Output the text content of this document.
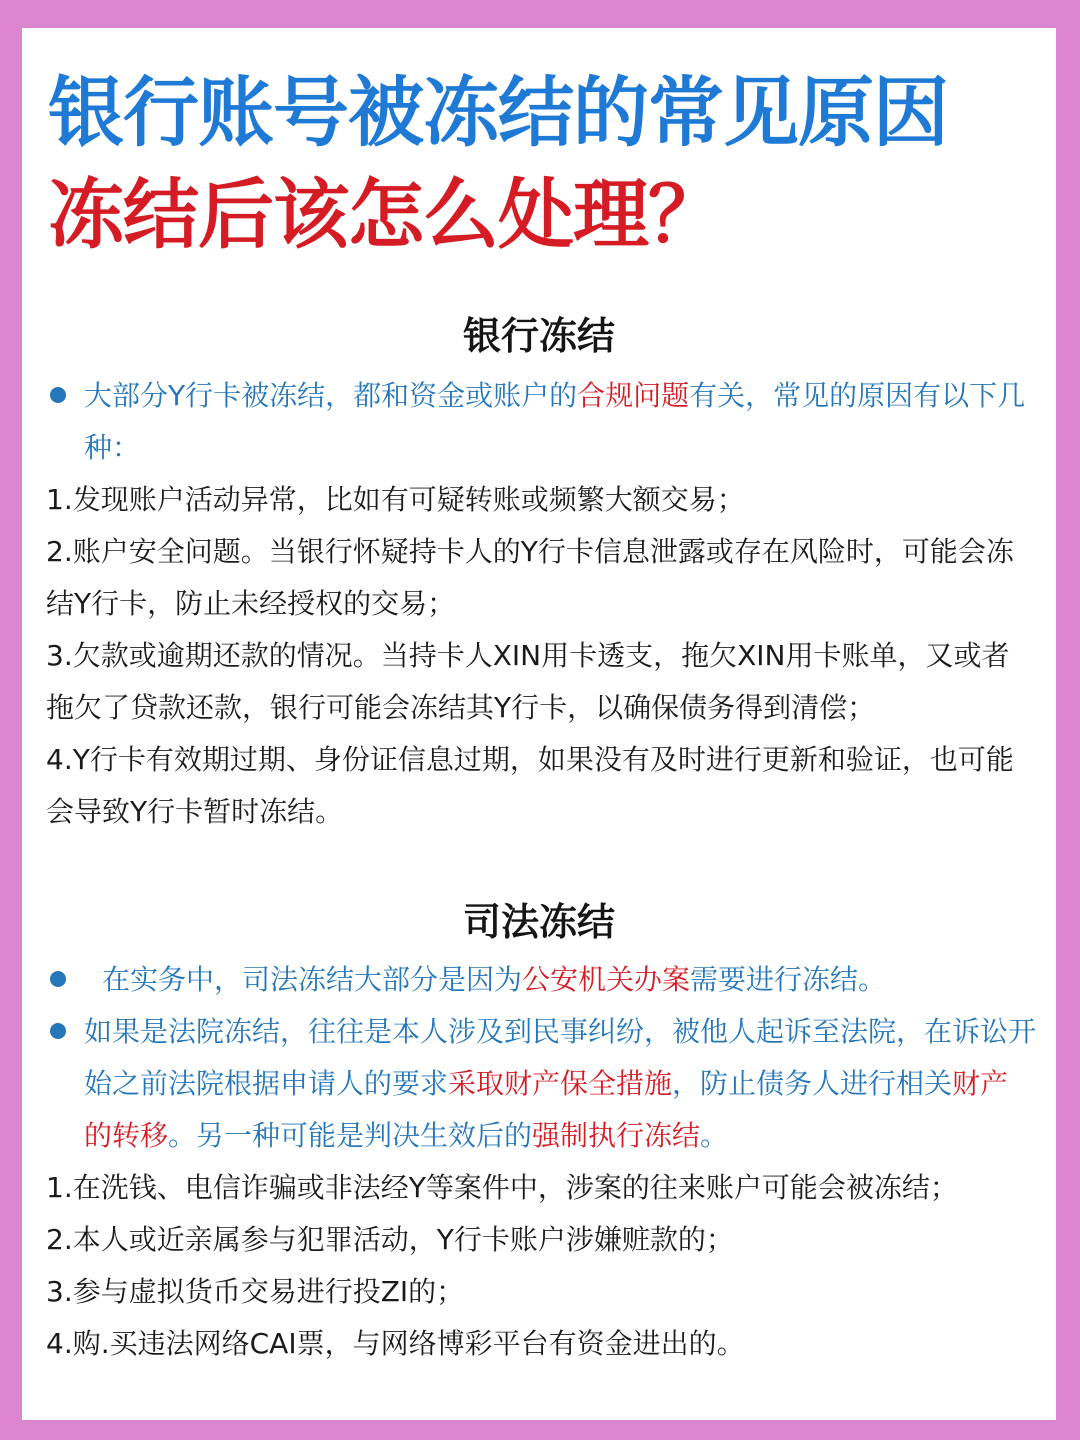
银行账号被冻结的常见原因
冻结后该怎么处理？
银行冻结
大部分Y行卡被冻结，都和资金或账户的合规问题有关，常见的原因有以下几种：
1.发现账户活动异常，比如有可疑转账或频繁大额交易；
2.账户安全问题。当银行怀疑持卡人的Y行卡信息泄露或存在风险时，可能会冻结Y行卡，防止未经授权的交易；
3.欠款或逾期还款的情况。当持卡人XIN用卡透支，拖欠XIN用卡账单，又或者拖欠了贷款还款，银行可能会冻结其Y行卡，以确保债务得到清偿；
4.Y行卡有效期过期、身份证信息过期，如果没有及时进行更新和验证，也可能会导致Y行卡暂时冻结。
司法冻结
在实务中，司法冻结大部分是因为公安机关办案需要进行冻结。
如果是法院冻结，往往是本人涉及到民事纠纷，被他人起诉至法院，在诉讼开始之前法院根据申请人的要求采取财产保全措施，防止债务人进行相关财产的转移。另一种可能是判决生效后的强制执行冻结。
1.在洗钱、电信诈骗或非法经Y等案件中，涉案的往来账户可能会被冻结；
2.本人或近亲属参与犯罪活动，Y行卡账户涉嫌赃款的；
3.参与虚拟货币交易进行投ZI的；
4.购.买违法网络CAI票，与网络博彩平台有资金进出的。
